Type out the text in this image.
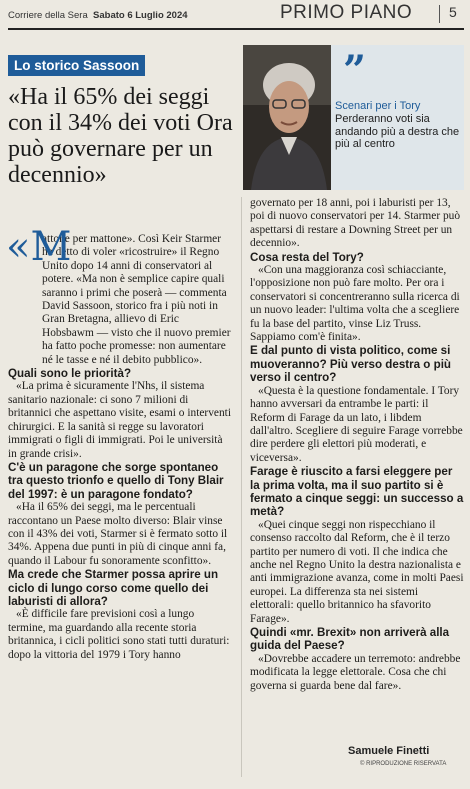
Corriere della Sera Sabato 6 Luglio 2024	PRIMO PIANO	5
Lo storico Sassoon
«Ha il 65% dei seggi con il 34% dei voti Ora può governare per un decennio»
”
Scenari per i Tory
Perderanno voti sia andando più a destra che più al centro

«M
attone per mattone». Così Keir Starmer ha detto di voler «ricostruire» il Regno Unito dopo 14 anni di conservatori al potere. «Ma non è semplice capire quali saranno i primi che poserà — commenta David Sassoon, storico fra i più noti in Gran Bretagna, allievo di Eric Hobsbawm — visto che il nuovo premier ha fatto poche promesse: non aumentare né le tasse e né il debito pubblico».

Quali sono le priorità?

«La prima è sicuramente l'Nhs, il sistema sanitario nazionale: ci sono 7 milioni di britannici che aspettano visite, esami o interventi chirurgici. E la sanità si regge su lavoratori immigrati o figli di immigrati. Poi le università in grande crisi».

C'è un paragone che sorge spontaneo tra questo trionfo e quello di Tony Blair del 1997: è un paragone fondato?

«Ha il 65% dei seggi, ma le percentuali raccontano un Paese molto diverso: Blair vinse con il 43% dei voti, Starmer si è fermato sotto il 34%. Appena due punti in più di cinque anni fa, quando il Labour fu sonoramente sconfitto».

Ma crede che Starmer possa aprire un ciclo di lungo corso come quello dei laburisti di allora?

«È difficile fare previsioni così a lungo termine, ma guardando alla recente storia britannica, i cicli politici sono stati tutti duraturi: dopo la vittoria del 1979 i Tory hanno

governato per 18 anni, poi i laburisti per 13, poi di nuovo conservatori per 14. Starmer può aspettarsi di restare a Downing Street per un decennio».

Cosa resta del Tory?

«Con una maggioranza così schiacciante, l'opposizione non può fare molto. Per ora i conservatori si concentreranno sulla ricerca di un nuovo leader: l'ultima volta che a scegliere fu la base del partito, vinse Liz Truss. Sappiamo com'è finita».

E dal punto di vista politico, come si muoveranno? Più verso destra o più verso il centro?

«Questa è la questione fondamentale. I Tory hanno avversari da entrambe le parti: il Reform di Farage da un lato, i libdem dall'altro. Scegliere di seguire Farage vorrebbe dire perdere gli elettori più moderati, e viceversa».

Farage è riuscito a farsi eleggere per la prima volta, ma il suo partito si è fermato a cinque seggi: un successo a metà?

«Quei cinque seggi non rispecchiano il consenso raccolto dal Reform, che è il terzo partito per numero di voti. Il che indica che anche nel Regno Unito la destra nazionalista e anti immigrazione avanza, come in molti Paesi europei. La differenza sta nei sistemi elettorali: quello britannico ha sfavorito Farage».

Quindi «mr. Brexit» non arriverà alla guida del Paese?

«Dovrebbe accadere un terremoto: andrebbe modificata la legge elettorale. Cosa che chi governa si guarda bene dal fare».

Samuele Finetti
© RIPRODUZIONE RISERVATA
